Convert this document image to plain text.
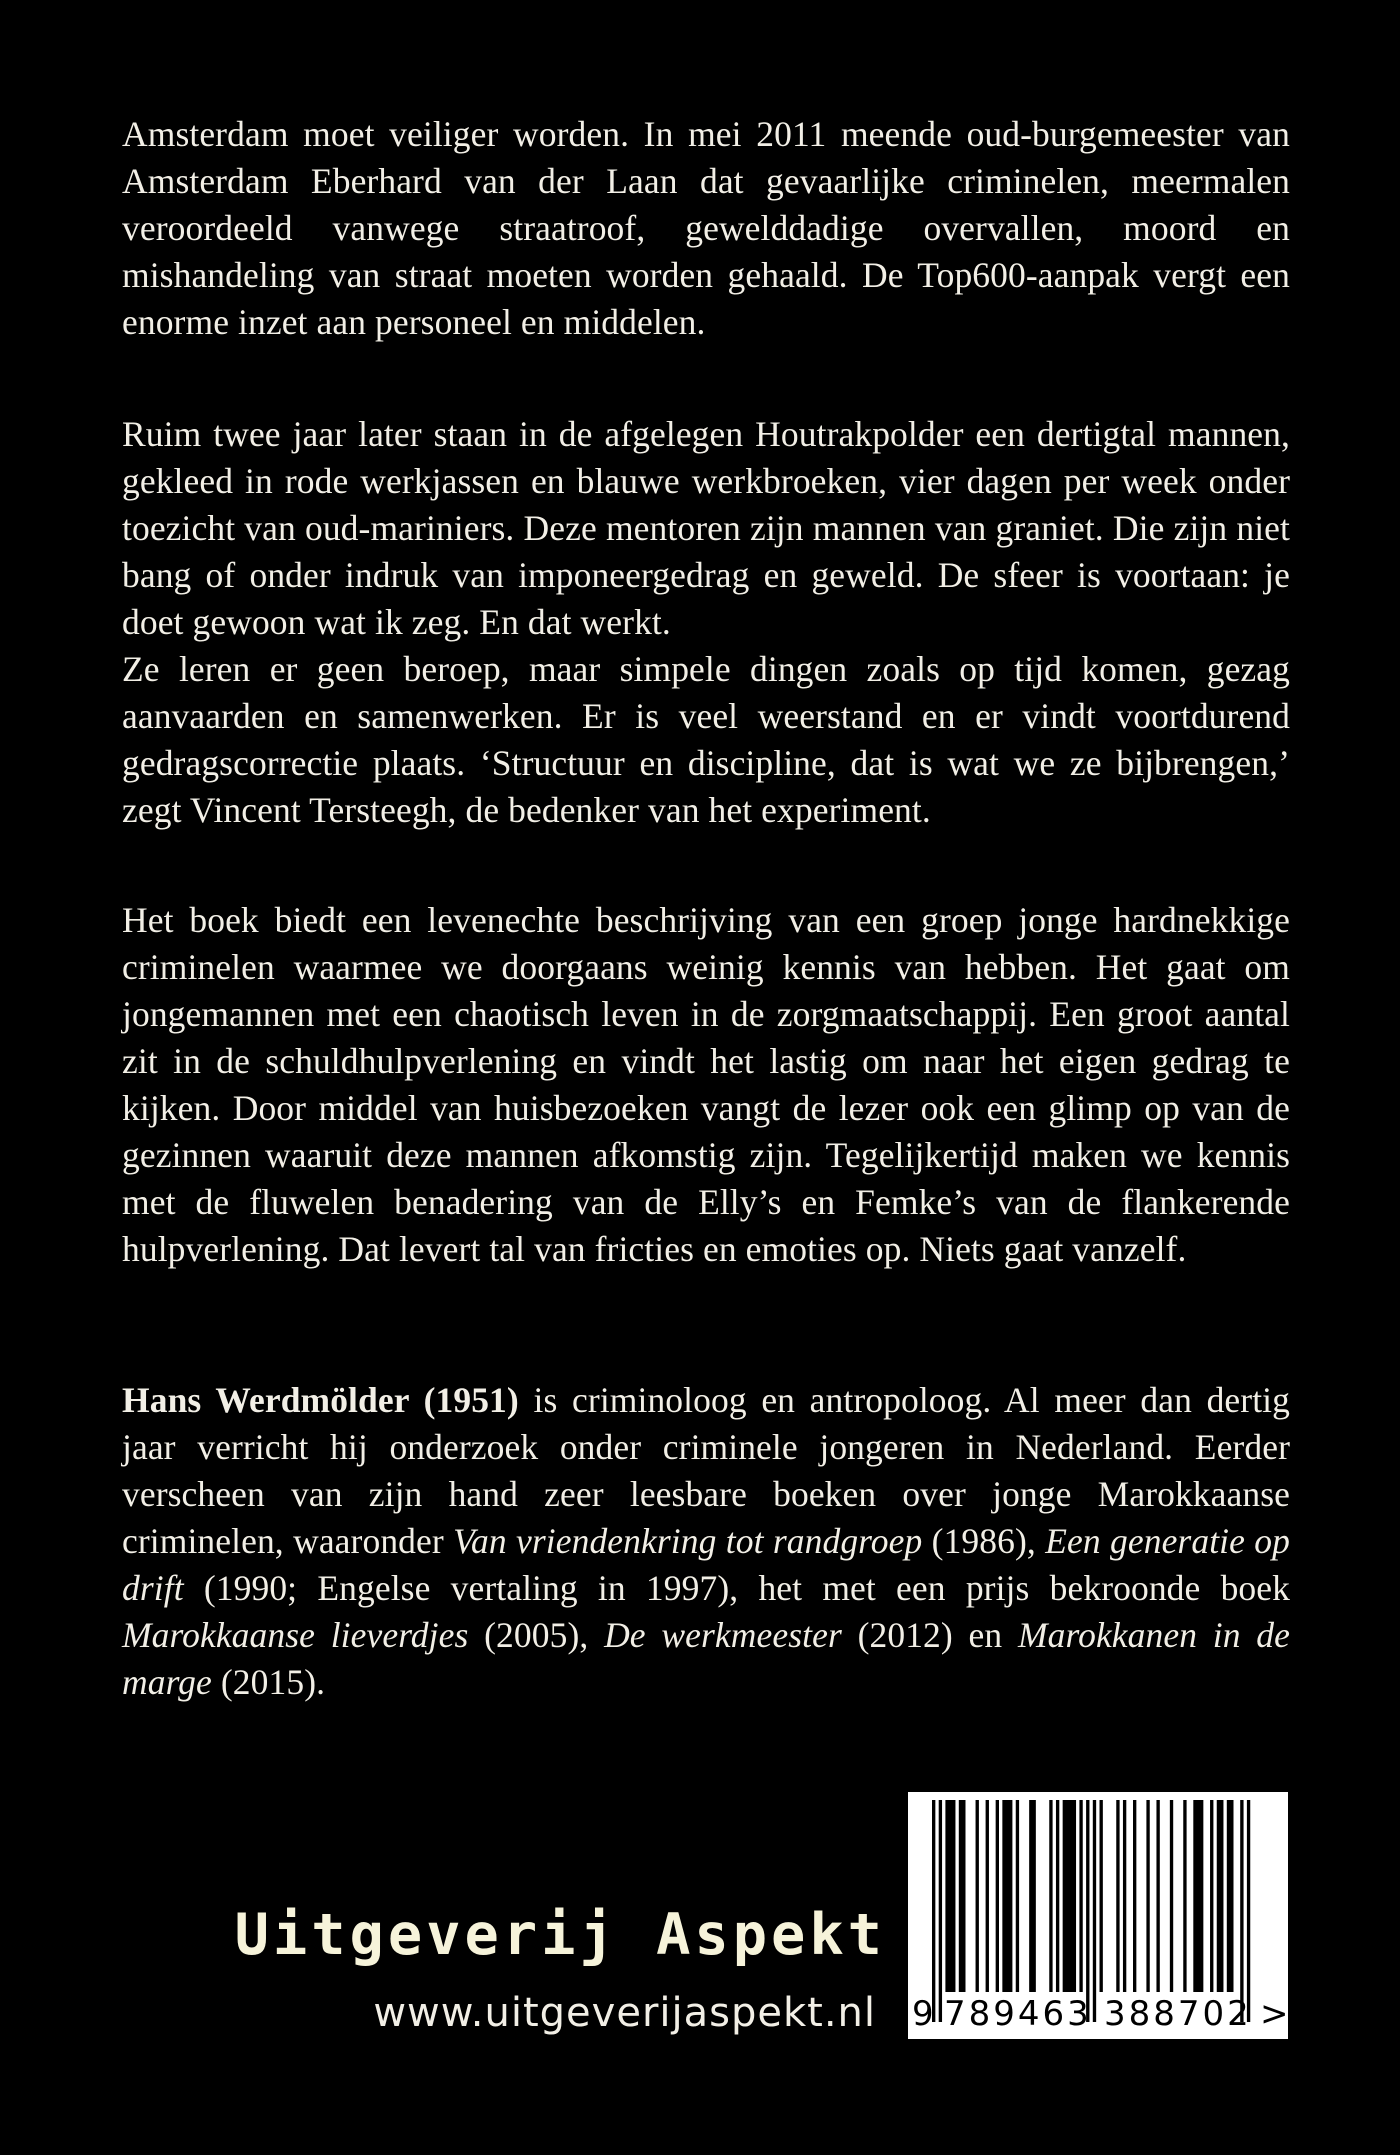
Amsterdam moet veiliger worden. In mei 2011 meende oud-burgemeester van Amsterdam Eberhard van der Laan dat gevaarlijke criminelen, meermalen veroordeeld vanwege straatroof, gewelddadige overvallen, moord en mishandeling van straat moeten worden gehaald. De Top600-aanpak vergt een enorme inzet aan personeel en middelen.

Ruim twee jaar later staan in de afgelegen Houtrakpolder een dertigtal mannen, gekleed in rode werkjassen en blauwe werkbroeken, vier dagen per week onder toezicht van oud-mariniers. Deze mentoren zijn mannen van graniet. Die zijn niet bang of onder indruk van imponeergedrag en geweld. De sfeer is voortaan: je doet gewoon wat ik zeg. En dat werkt.

Ze leren er geen beroep, maar simpele dingen zoals op tijd komen, gezag aanvaarden en samenwerken. Er is veel weerstand en er vindt voortdurend gedragscorrectie plaats. ‘Structuur en discipline, dat is wat we ze bijbrengen,’ zegt Vincent Tersteegh, de bedenker van het experiment.

Het boek biedt een levenechte beschrijving van een groep jonge hardnekkige criminelen waarmee we doorgaans weinig kennis van hebben. Het gaat om jongemannen met een chaotisch leven in de zorgmaatschappij. Een groot aantal zit in de schuldhulpverlening en vindt het lastig om naar het eigen gedrag te kijken. Door middel van huisbezoeken vangt de lezer ook een glimp op van de gezinnen waaruit deze mannen afkomstig zijn. Tegelijkertijd maken we kennis met de fluwelen benadering van de Elly’s en Femke’s van de flankerende hulpverlening. Dat levert tal van fricties en emoties op. Niets gaat vanzelf.

Hans Werdmölder (1951) is criminoloog en antropoloog. Al meer dan dertig jaar verricht hij onderzoek onder criminele jongeren in Nederland. Eerder verscheen van zijn hand zeer leesbare boeken over jonge Marokkaanse criminelen, waaronder Van vriendenkring tot randgroep (1986), Een generatie op drift (1990; Engelse vertaling in 1997), het met een prijs bekroonde boek Marokkaanse lieverdjes (2005), De werkmeester (2012) en Marokkanen in de marge (2015).

Uitgeverij Aspekt
www.uitgeverijaspekt.nl 9 789463 388702 >
